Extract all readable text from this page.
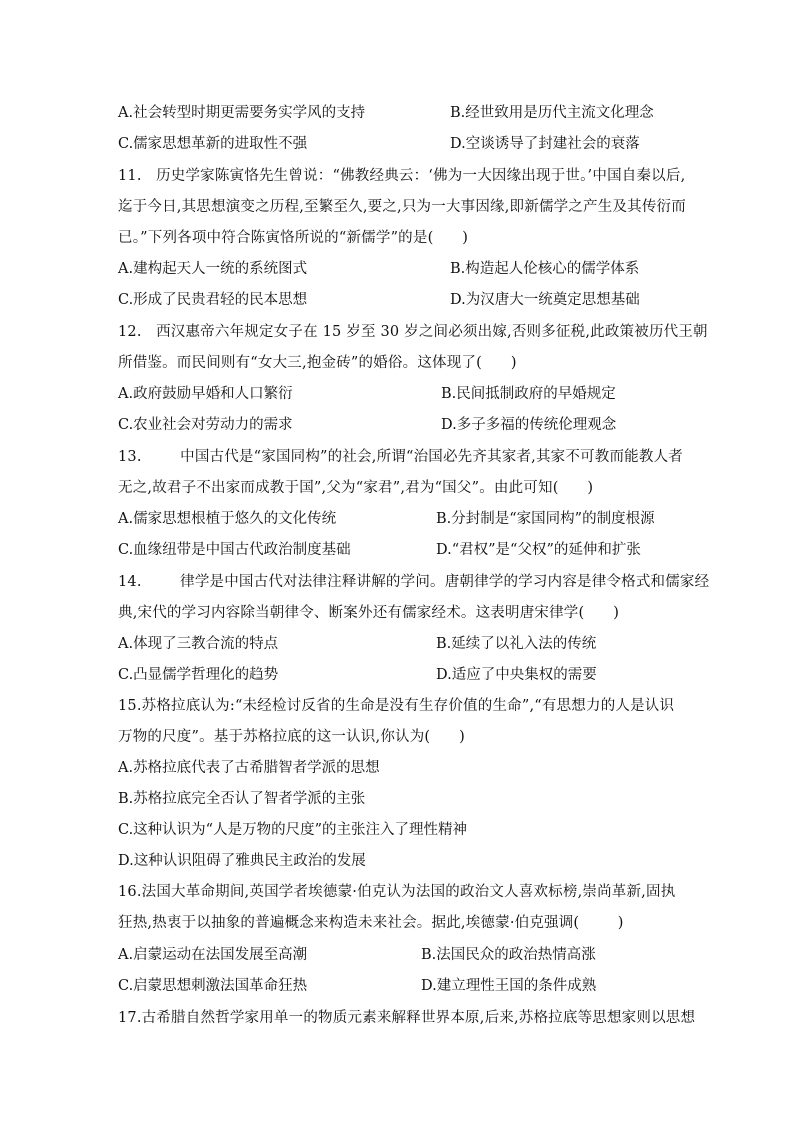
A.社会转型时期更需要务实学风的支持	B.经世致用是历代主流文化理念
C.儒家思想革新的进取性不强	D.空谈诱导了封建社会的衰落
11.   历史学家陈寅恪先生曾说：“佛教经典云：‘佛为一大因缘出现于世。’中国自秦以后,
迄于今日,其思想演变之历程,至繁至久,要之,只为一大事因缘,即新儒学之产生及其传衍而
已。”下列各项中符合陈寅恪所说的“新儒学”的是(      )
A.建构起天人一统的系统图式	B.构造起人伦核心的儒学体系
C.形成了民贵君轻的民本思想	D.为汉唐大一统奠定思想基础
12.   西汉惠帝六年规定女子在 15 岁至 30 岁之间必须出嫁,否则多征税,此政策被历代王朝
所借鉴。而民间则有“女大三,抱金砖”的婚俗。这体现了(      )
A.政府鼓励早婚和人口繁衍	B.民间抵制政府的早婚规定
C.农业社会对劳动力的需求	D.多子多福的传统伦理观念
13.        中国古代是“家国同构”的社会,所谓“治国必先齐其家者,其家不可教而能教人者
无之,故君子不出家而成教于国”,父为“家君”,君为“国父”。由此可知(      )
A.儒家思想根植于悠久的文化传统	B.分封制是“家国同构”的制度根源
C.血缘纽带是中国古代政治制度基础	D.“君权”是“父权”的延伸和扩张
14.        律学是中国古代对法律注释讲解的学问。唐朝律学的学习内容是律令格式和儒家经
典,宋代的学习内容除当朝律令、断案外还有儒家经术。这表明唐宋律学(      )
A.体现了三教合流的特点	B.延续了以礼入法的传统
C.凸显儒学哲理化的趋势	D.适应了中央集权的需要
15.苏格拉底认为:“未经检讨反省的生命是没有生存价值的生命”,“有思想力的人是认识
万物的尺度”。基于苏格拉底的这一认识,你认为(      )
A.苏格拉底代表了古希腊智者学派的思想
B.苏格拉底完全否认了智者学派的主张
C.这种认识为“人是万物的尺度”的主张注入了理性精神
D.这种认识阻碍了雅典民主政治的发展
16.法国大革命期间,英国学者埃德蒙·伯克认为法国的政治文人喜欢标榜,崇尚革新,固执
狂热,热衷于以抽象的普遍概念来构造未来社会。据此,埃德蒙·伯克强调(        )
A.启蒙运动在法国发展至高潮	B.法国民众的政治热情高涨
C.启蒙思想刺激法国革命狂热	D.建立理性王国的条件成熟
17.古希腊自然哲学家用单一的物质元素来解释世界本原,后来,苏格拉底等思想家则以思想
